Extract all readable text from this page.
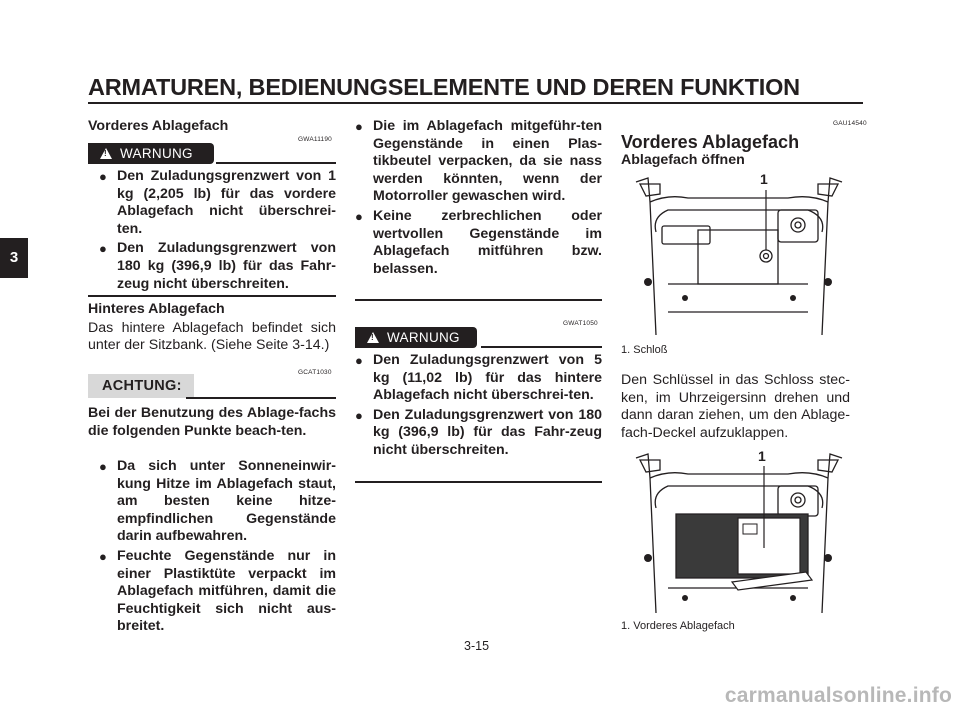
ARMATUREN, BEDIENUNGSELEMENTE UND DEREN FUNKTION
3
Vorderes Ablagefach
GWA11190
!WARNUNG
● Den Zuladungsgrenzwert von 1 kg (2,205 lb) für das vordere Ablagefach nicht überschrei-ten.
● Den Zuladungsgrenzwert von 180 kg (396,9 lb) für das Fahr-zeug nicht überschreiten.
Hinteres Ablagefach
Das hintere Ablagefach befindet sich unter der Sitzbank. (Siehe Seite 3-14.)
GCAT1030
ACHTUNG:
Bei der Benutzung des Ablage-fachs die folgenden Punkte beach-ten.
● Da sich unter Sonneneinwir-kung Hitze im Ablagefach staut, am besten keine hitze-empfindlichen Gegenstände darin aufbewahren.
● Feuchte Gegenstände nur in einer Plastiktüte verpackt im Ablagefach mitführen, damit die Feuchtigkeit sich nicht aus-breitet.
● Die im Ablagefach mitgeführ-ten Gegenstände in einen Plas-tikbeutel verpacken, da sie nass werden könnten, wenn der Motorroller gewaschen wird.
● Keine zerbrechlichen oder wertvollen Gegenstände im Ablagefach mitführen bzw. belassen.
GWAT1050
!WARNUNG
● Den Zuladungsgrenzwert von 5 kg (11,02 lb) für das hintere Ablagefach nicht überschrei-ten.
● Den Zuladungsgrenzwert von 180 kg (396,9 lb) für das Fahr-zeug nicht überschreiten.
GAU14540
Vorderes Ablagefach
Ablagefach öffnen
1
1. Schloß
Den Schlüssel in das Schloss stec-ken, im Uhrzeigersinn drehen und dann daran ziehen, um den Ablage-fach-Deckel aufzuklappen.
1
1. Vorderes Ablagefach
3-15
carmanualsonline.info
